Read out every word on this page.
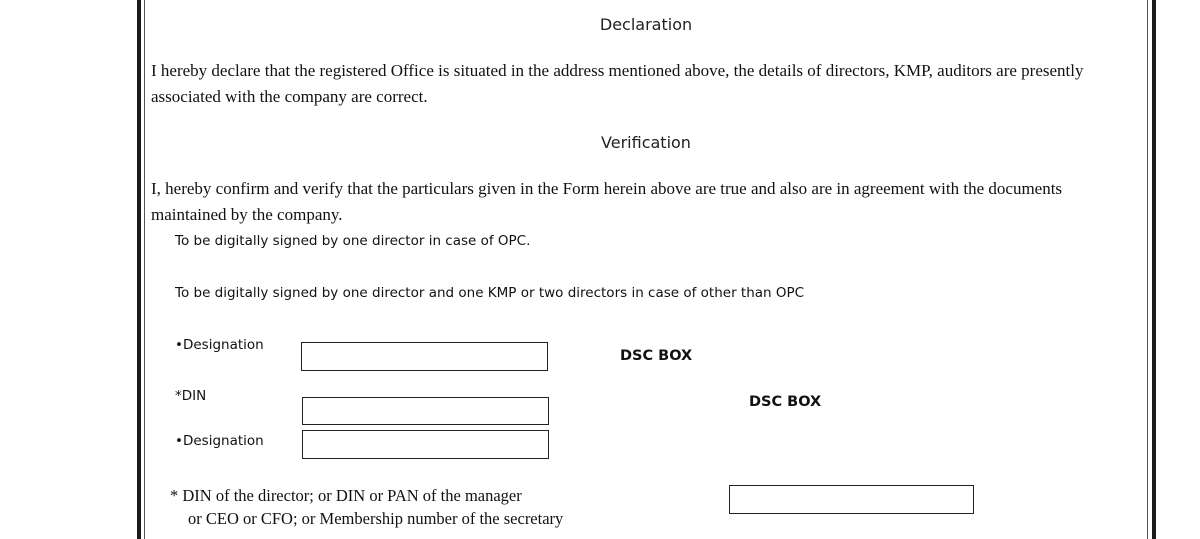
Declaration
I hereby declare that the registered Office is situated in the address mentioned above, the details of directors, KMP, auditors are presently associated with the company are correct.
Verification
I, hereby confirm and verify that the particulars given in the Form herein above are true and also are in agreement with the documents maintained by the company.
To be digitally signed by one director in case of OPC.
To be digitally signed by one director and one KMP or two directors in case of other than OPC
•Designation
DSC BOX
*DIN	DSC BOX
•Designation
* DIN of the director; or DIN or PAN of the manager
or CEO or CFO; or Membership number of the secretary
